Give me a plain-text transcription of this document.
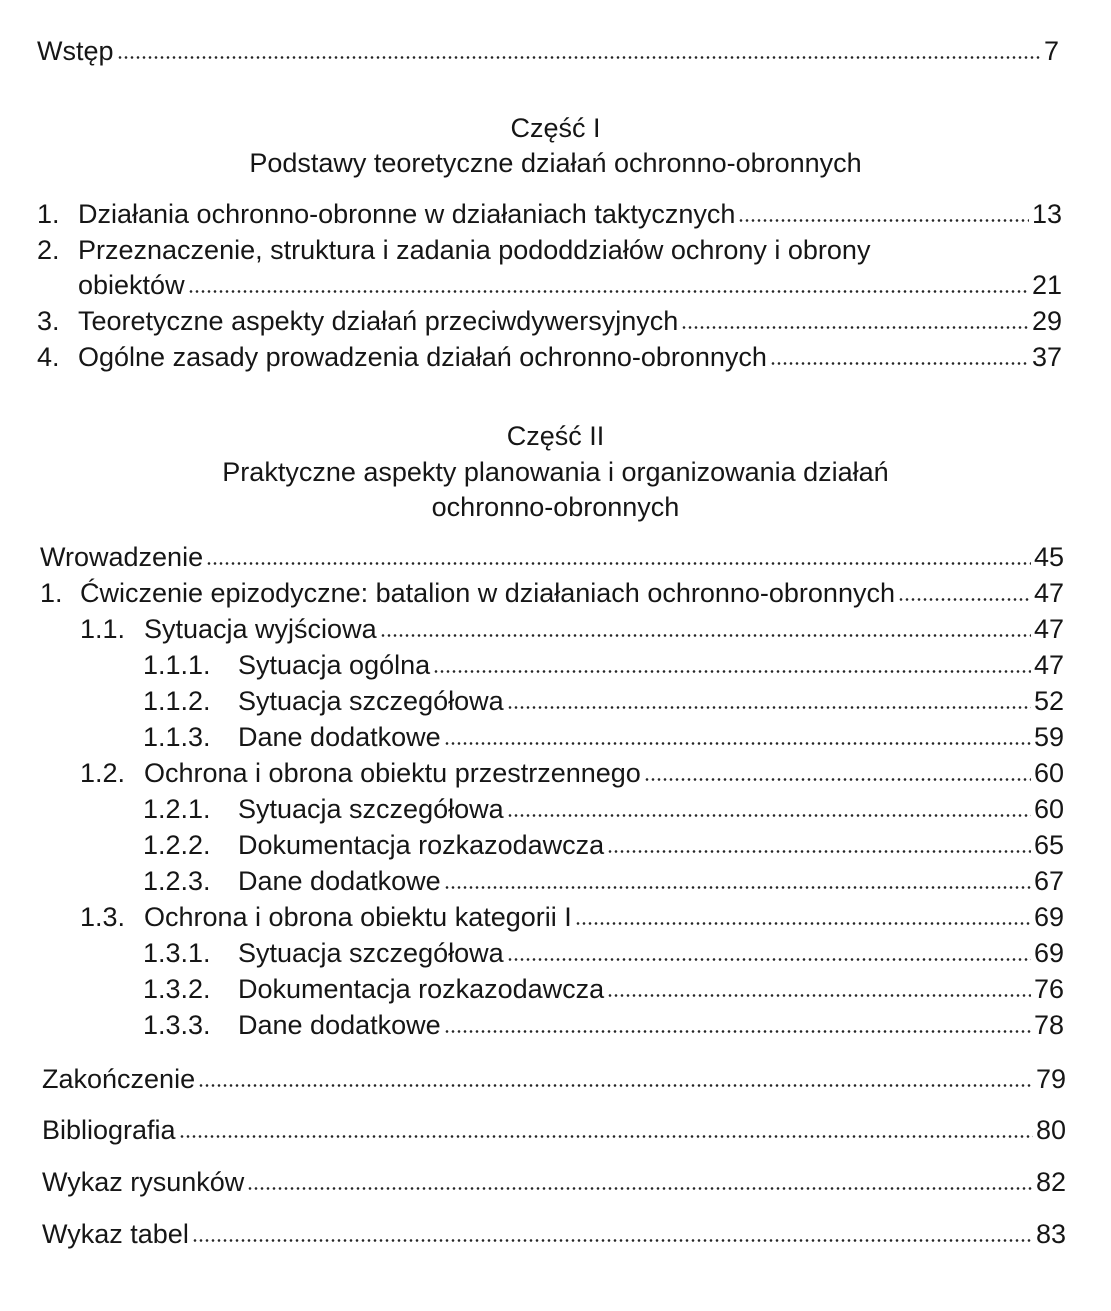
Wstęp	7
Część I
Podstawy teoretyczne działań ochronno-obronnych
1. Działania ochronno-obronne w działaniach taktycznych	13
2. Przeznaczenie, struktura i zadania pododdziałów ochrony i obrony
obiektów	21
3. Teoretyczne aspekty działań przeciwdywersyjnych	29
4. Ogólne zasady prowadzenia działań ochronno-obronnych	37
Część II
Praktyczne aspekty planowania i organizowania działań
ochronno-obronnych
Wrowadzenie	45
1. Ćwiczenie epizodyczne: batalion w działaniach ochronno-obronnych	47
1.1. Sytuacja wyjściowa	47
1.1.1.	Sytuacja ogólna	47
1.1.2.	Sytuacja szczegółowa	52
1.1.3.	Dane dodatkowe	59
1.2. Ochrona i obrona obiektu przestrzennego	60
1.2.1.	Sytuacja szczegółowa	60
1.2.2.	Dokumentacja rozkazodawcza	65
1.2.3.	Dane dodatkowe	67
1.3. Ochrona i obrona obiektu kategorii I	69
1.3.1.	Sytuacja szczegółowa	69
1.3.2.	Dokumentacja rozkazodawcza	76
1.3.3.	Dane dodatkowe	78
Zakończenie	79
Bibliografia	80
Wykaz rysunków	82
Wykaz tabel	83
